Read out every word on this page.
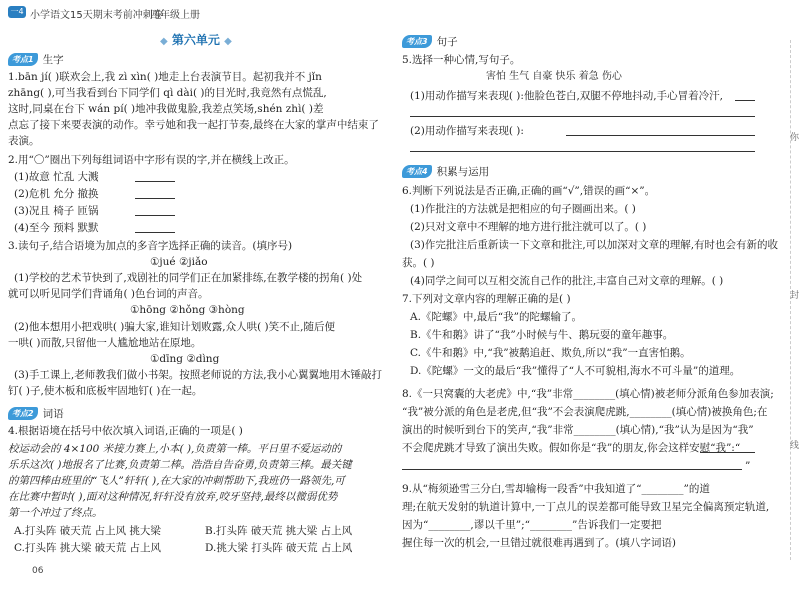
一4 小学语文15天期末考前冲刺卷
四年级上册
◆ 第六单元 ◆
考点1 生字
1.bān jí( )联欢会上,我 zì xìn( )地走上台表演节目。起初我并不 jǐn
zhāng( ),可当我看到台下同学们 qì dài( )的目光时,我竟然有点慌乱,
这时,同桌在台下 wán pí( )地冲我做鬼脸,我差点笑场,shén zhì( )差
点忘了接下来要表演的动作。幸亏她和我一起打节奏,最终在大家的掌声中结束了
表演。
2.用“〇”圈出下列每组词语中字形有误的字,并在横线上改正。
(1)故意 忙乱 大溅
(2)危机 允分 撤换
(3)况且 椅子 匝锅
(4)至今 预料 默默
3.读句子,结合语境为加点的多音字选择正确的读音。(填序号)
①jué ②jiǎo
(1)学校的艺术节快到了,戏剧社的同学们正在加紧排练,在教学楼的拐角( )处
就可以听见同学们背诵角( )色台词的声音。
①hōng ②hǒng ③hòng
(2)他本想用小把戏哄( )骗大家,谁知计划败露,众人哄( )笑不止,随后便
一哄( )而散,只留他一人尴尬地站在原地。
①dīng ②dìng
(3)手工课上,老师教我们做小书架。按照老师说的方法,我小心翼翼地用木锤敲打
钉( )子,使木板和底板牢固地钉( )在一起。
考点2 词语
4.根据语境在括号中依次填入词语,正确的一项是( )
校运动会的 4×100 米接力赛上,小本( ),负责第一棒。平日里不爱运动的
乐乐这次( )地报名了比赛,负责第二棒。浩浩自告奋勇,负责第三棒。最关键
的第四棒由班里的“飞人”轩轩( ),在大家的冲刺帮助下,我班仍一路领先,可
在比赛中暂时( ),面对这种情况,轩轩没有放弃,咬牙坚持,最终以微弱优势
第一个冲过了终点。
A.打头阵 破天荒 占上风 挑大梁	B.打头阵 破天荒 挑大梁 占上风
C.打头阵 挑大梁 破天荒 占上风	D.挑大梁 打头阵 破天荒 占上风
考点3 句子
5.选择一种心情,写句子。
害怕 生气 自豪 快乐 着急 伤心
(1)用动作描写来表现( ):他脸色苍白,双腿不停地抖动,手心冒着冷汗,
(2)用动作描写来表现( ):
考点4 积累与运用
6.判断下列说法是否正确,正确的画“√”,错误的画“×”。
(1)作批注的方法就是把相应的句子圈画出来。( )
(2)只对文章中不理解的地方进行批注就可以了。( )
(3)作完批注后重新读一下文章和批注,可以加深对文章的理解,有时也会有新的收
获。( )
(4)同学之间可以互相交流自己作的批注,丰富自己对文章的理解。( )
7.下列对文章内容的理解正确的是( )
A.《陀螺》中,最后“我”的陀螺输了。
B.《牛和鹅》讲了“我”小时候与牛、鹅玩耍的童年趣事。
C.《牛和鹅》中,“我”被鹅追赶、欺负,所以“我”一直害怕鹅。
D.《陀螺》一文的最后“我”懂得了“人不可貌相,海水不可斗量”的道理。
8.《一只窝囊的大老虎》中,“我”非常________(填心情)被老师分派角色参加表演;
“我”被分派的角色是老虎,但“我”不会表演爬虎跳,________(填心情)被换角色;在
演出的时候听到台下的笑声,“我”非常________(填心情),“我”认为是因为“我”
不会爬虎跳才导致了演出失败。假如你是“我”的朋友,你会这样安慰“我”:“
”
9.从“梅须逊雪三分白,雪却输梅一段香”中我知道了“________”的道
理;在航天发射的轨道计算中,一丁点儿的误差都可能导致卫星完全偏离预定轨道,
因为“________,谬以千里”;“________”告诉我们一定要把
握住每一次的机会,一旦错过就很难再遇到了。(填八字词语)
你
封
线
06
